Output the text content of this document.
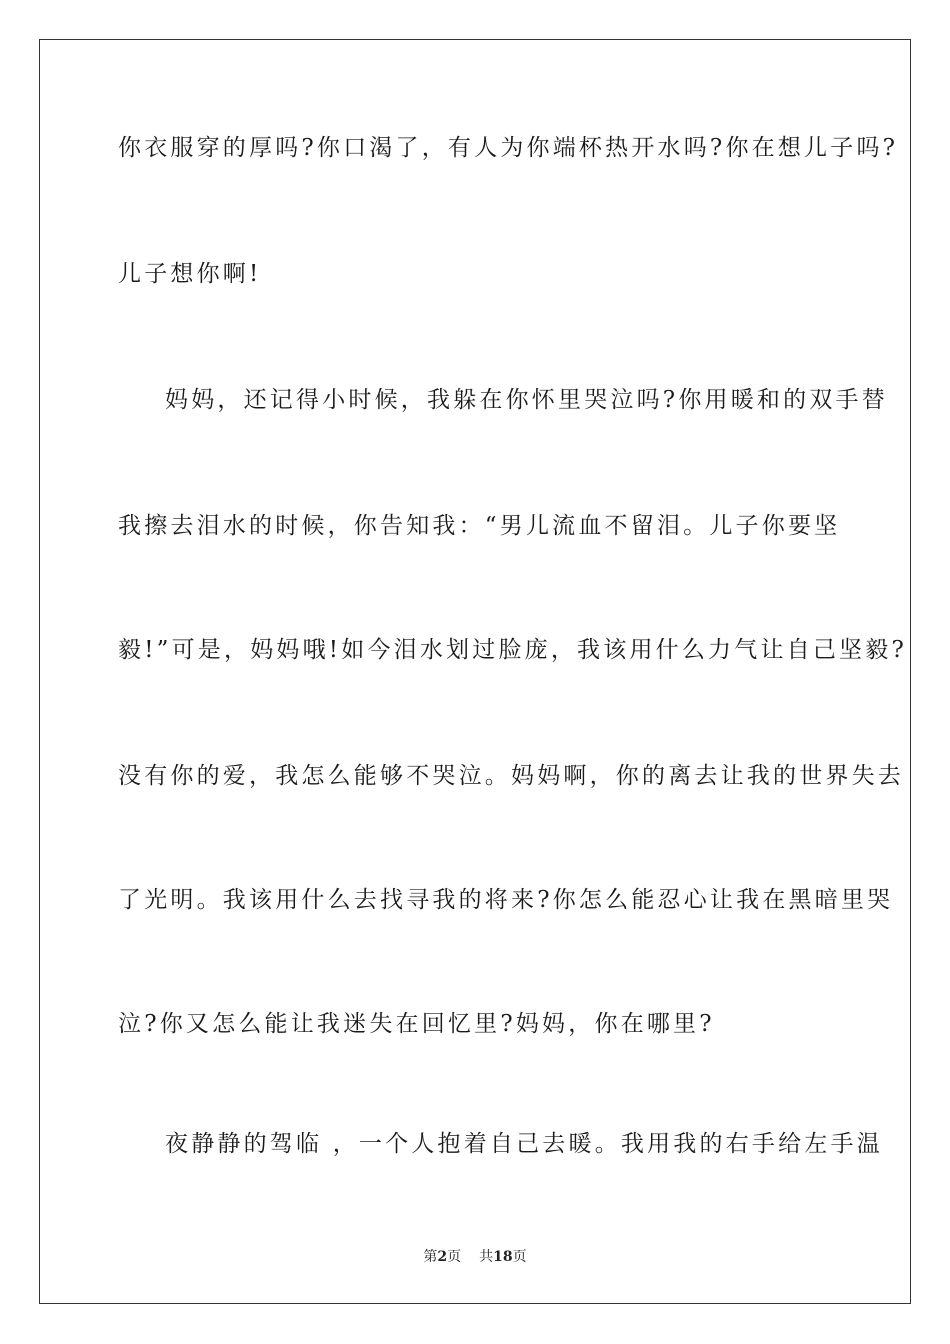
你衣服穿的厚吗?你口渴了，有人为你端杯热开水吗?你在想儿子吗?
儿子想你啊!
妈妈，还记得小时候，我躲在你怀里哭泣吗?你用暖和的双手替
我擦去泪水的时候，你告知我：“男儿流血不留泪。儿子你要坚
毅!”可是，妈妈哦!如今泪水划过脸庞，我该用什么力气让自己坚毅?
没有你的爱，我怎么能够不哭泣。妈妈啊，你的离去让我的世界失去
了光明。我该用什么去找寻我的将来?你怎么能忍心让我在黑暗里哭
泣?你又怎么能让我迷失在回忆里?妈妈，你在哪里?
夜静静的驾临 ，一个人抱着自己去暖。我用我的右手给左手温
第2页 共18页
